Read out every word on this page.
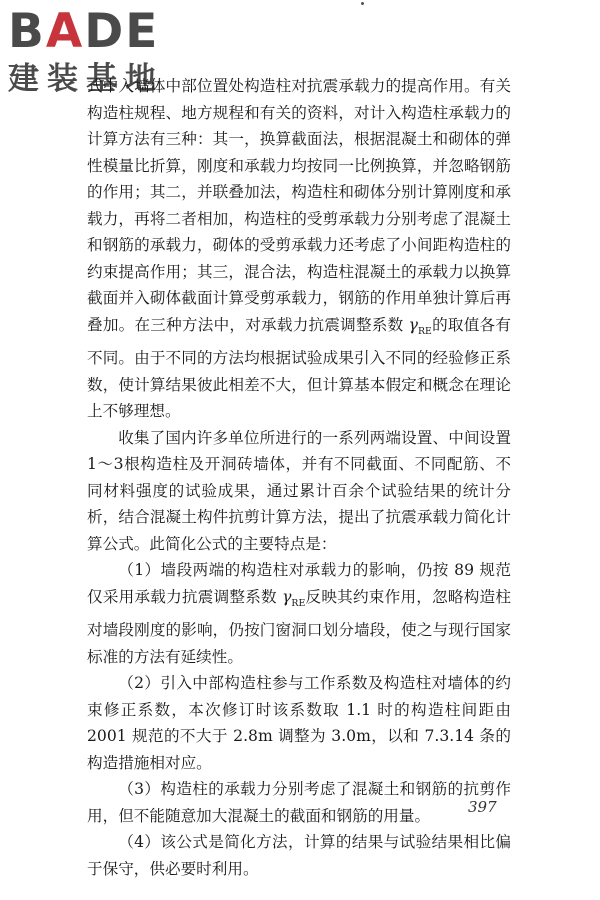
BADE
建装基地

式中入墙体中部位置处构造柱对抗震承载力的提高作用。有关构造柱规程、地方规程和有关的资料，对计入构造柱承载力的计算方法有三种：其一，换算截面法，根据混凝土和砌体的弹性模量比折算，刚度和承载力均按同一比例换算，并忽略钢筋的作用；其二，并联叠加法，构造柱和砌体分别计算刚度和承载力，再将二者相加，构造柱的受剪承载力分别考虑了混凝土和钢筋的承载力，砌体的受剪承载力还考虑了小间距构造柱的约束提高作用；其三，混合法，构造柱混凝土的承载力以换算截面并入砌体截面计算受剪承载力，钢筋的作用单独计算后再叠加。在三种方法中，对承载力抗震调整系数 $\gamma_{RE}$的取值各有不同。由于不同的方法均根据试验成果引入不同的经验修正系数，使计算结果彼此相差不大，但计算基本假定和概念在理论上不够理想。

收集了国内许多单位所进行的一系列两端设置、中间设置 1～3根构造柱及开洞砖墙体，并有不同截面、不同配筋、不同材料强度的试验成果，通过累计百余个试验结果的统计分析，结合混凝土构件抗剪计算方法，提出了抗震承载力简化计算公式。此简化公式的主要特点是：

（1）墙段两端的构造柱对承载力的影响，仍按 89 规范仅采用承载力抗震调整系数 $\gamma_{RE}$反映其约束作用，忽略构造柱对墙段刚度的影响，仍按门窗洞口划分墙段，使之与现行国家标准的方法有延续性。

（2）引入中部构造柱参与工作系数及构造柱对墙体的约束修正系数，本次修订时该系数取 1.1 时的构造柱间距由 2001 规范的不大于 2.8m 调整为 3.0m，以和 7.3.14 条的构造措施相对应。

（3）构造柱的承载力分别考虑了混凝土和钢筋的抗剪作用，但不能随意加大混凝土的截面和钢筋的用量。

（4）该公式是简化方法，计算的结果与试验结果相比偏于保守，供必要时利用。

397
